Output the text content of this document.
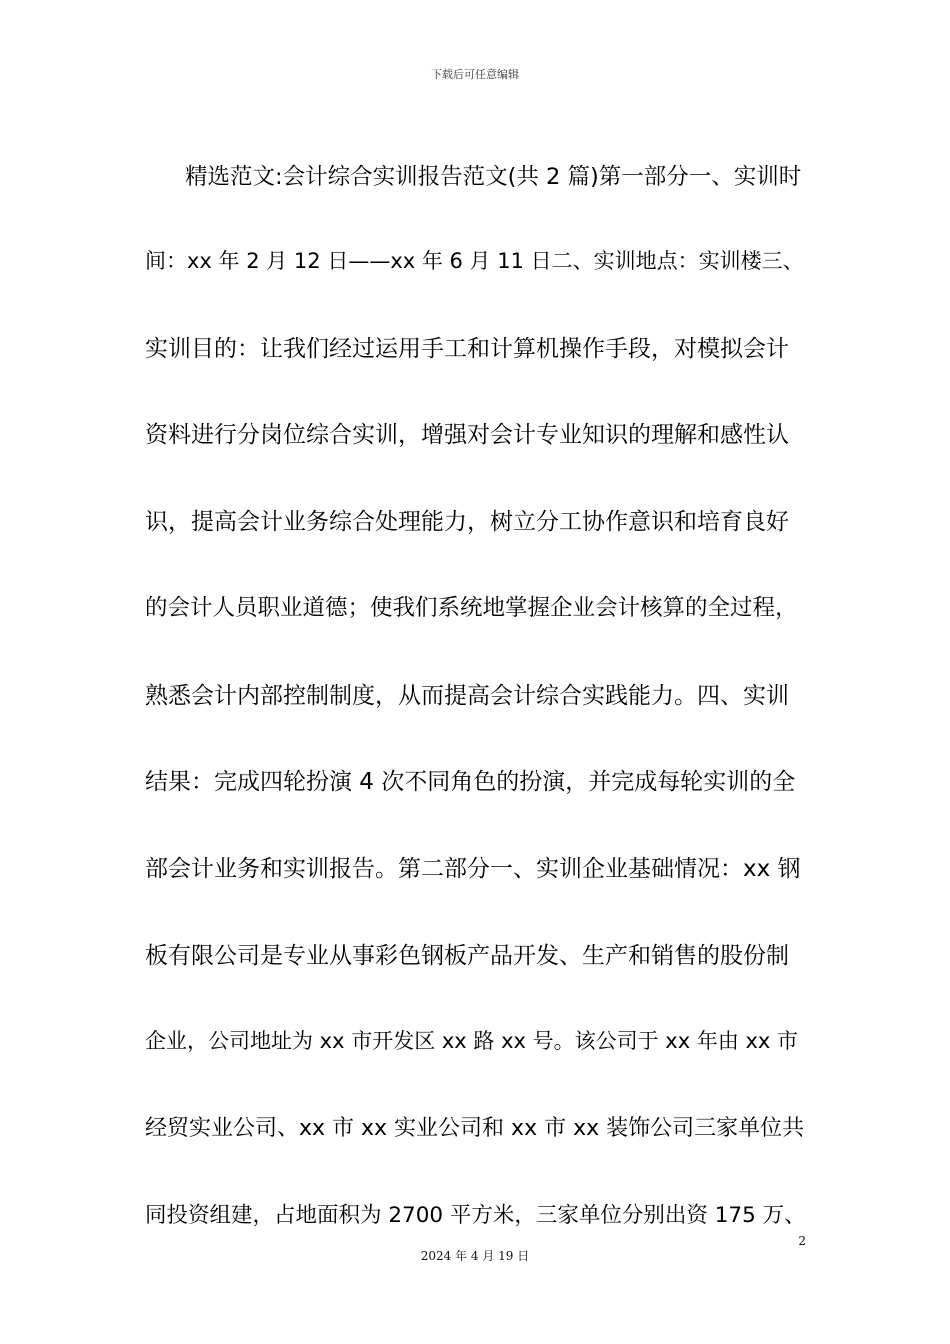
下载后可任意编辑

精选范文:会计综合实训报告范文(共 2 篇)第一部分一、实训时

间：xx 年 2 月 12 日——xx 年 6 月 11 日二、实训地点：实训楼三、

实训目的：让我们经过运用手工和计算机操作手段，对模拟会计

资料进行分岗位综合实训，增强对会计专业知识的理解和感性认

识，提高会计业务综合处理能力，树立分工协作意识和培育良好

的会计人员职业道德；使我们系统地掌握企业会计核算的全过程，

熟悉会计内部控制制度，从而提高会计综合实践能力。四、实训

结果：完成四轮扮演 4 次不同角色的扮演，并完成每轮实训的全

部会计业务和实训报告。第二部分一、实训企业基础情况：xx 钢

板有限公司是专业从事彩色钢板产品开发、生产和销售的股份制

企业，公司地址为 xx 市开发区 xx 路 xx 号。该公司于 xx 年由 xx 市

经贸实业公司、xx 市 xx 实业公司和 xx 市 xx 装饰公司三家单位共

同投资组建，占地面积为 2700 平方米，三家单位分别出资 175 万、

2

2024 年 4 月 19 日
